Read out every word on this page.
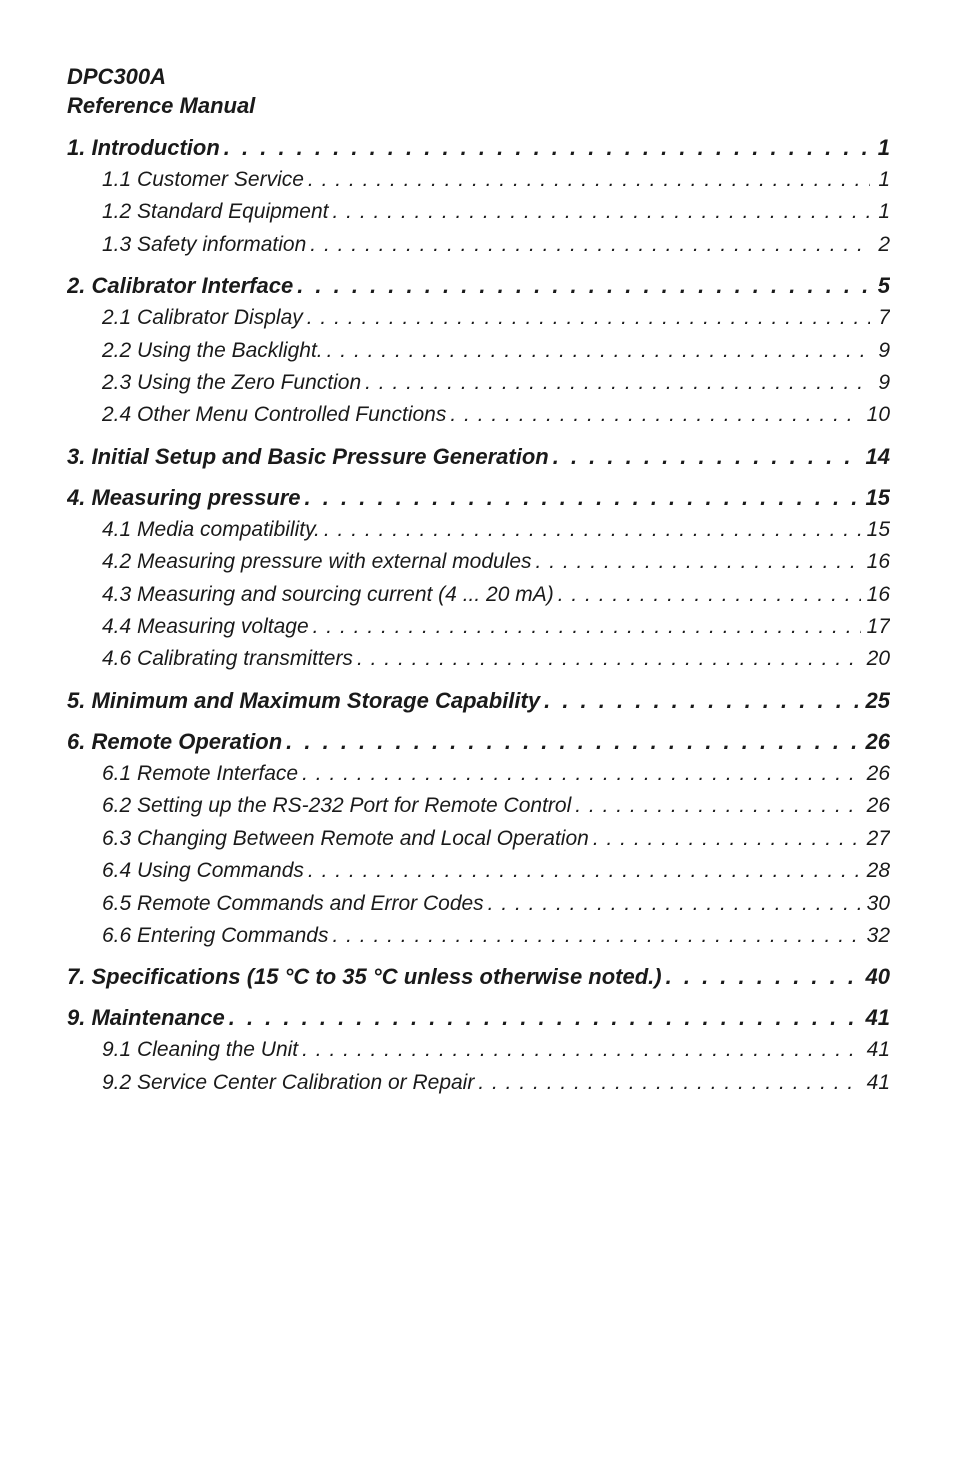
DPC300A
Reference Manual
1. Introduction . . .	1
1.1 Customer Service . . .	1
1.2 Standard Equipment . . .	1
1.3 Safety information . . .	2
2. Calibrator Interface . . .	5
2.1 Calibrator Display . . .	7
2.2 Using the Backlight. . . .	9
2.3 Using the Zero Function . . .	9
2.4 Other Menu Controlled Functions . . .	10
3. Initial Setup and Basic Pressure Generation . . .	14
4. Measuring pressure . . .	15
4.1 Media compatibility. . . .	15
4.2 Measuring pressure with external modules . . .	16
4.3 Measuring and sourcing current (4 ... 20 mA) . . .	16
4.4 Measuring voltage . . .	17
4.6 Calibrating transmitters . . .	20
5. Minimum and Maximum Storage Capability . . .	25
6. Remote Operation . . .	26
6.1 Remote Interface . . .	26
6.2 Setting up the RS-232 Port for Remote Control . . .	26
6.3 Changing Between Remote and Local Operation . . .	27
6.4 Using Commands . . .	28
6.5 Remote Commands and Error Codes . . .	30
6.6 Entering Commands . . .	32
7. Specifications (15 °C to 35 °C unless otherwise noted.) . . .	40
9. Maintenance . . .	41
9.1 Cleaning the Unit . . .	41
9.2 Service Center Calibration or Repair . . .	41
